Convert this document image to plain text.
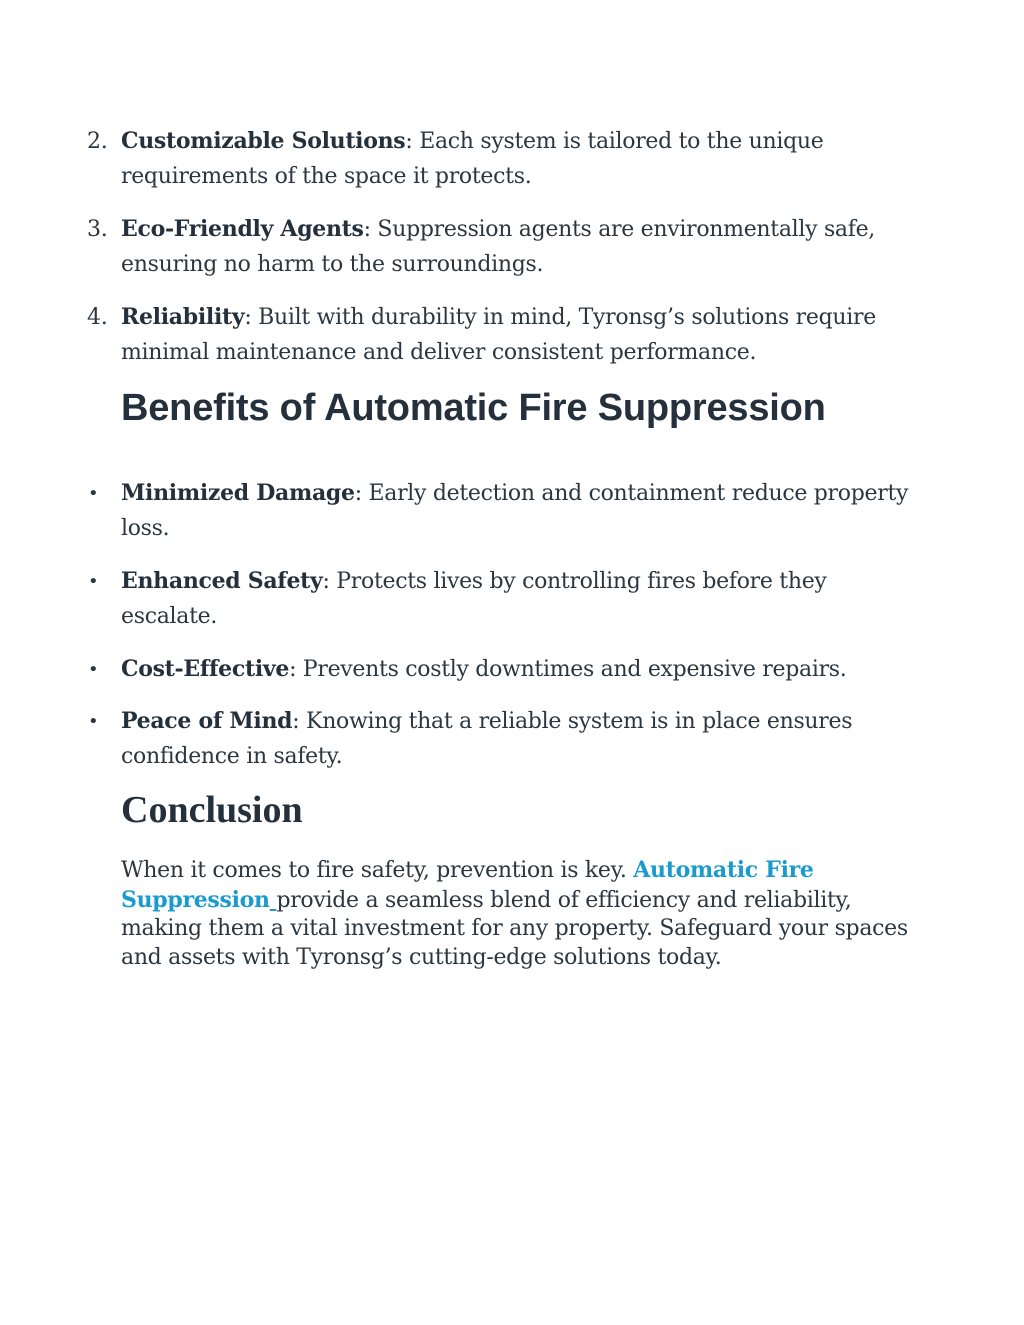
2. Customizable Solutions: Each system is tailored to the unique requirements of the space it protects.
3. Eco-Friendly Agents: Suppression agents are environmentally safe, ensuring no harm to the surroundings.
4. Reliability: Built with durability in mind, Tyronsg’s solutions require minimal maintenance and deliver consistent performance.
Benefits of Automatic Fire Suppression
• Minimized Damage: Early detection and containment reduce property loss.
• Enhanced Safety: Protects lives by controlling fires before they escalate.
• Cost-Effective: Prevents costly downtimes and expensive repairs.
• Peace of Mind: Knowing that a reliable system is in place ensures confidence in safety.
Conclusion

When it comes to fire safety, prevention is key. Automatic Fire Suppression provide a seamless blend of efficiency and reliability, making them a vital investment for any property. Safeguard your spaces and assets with Tyronsg’s cutting-edge solutions today.
